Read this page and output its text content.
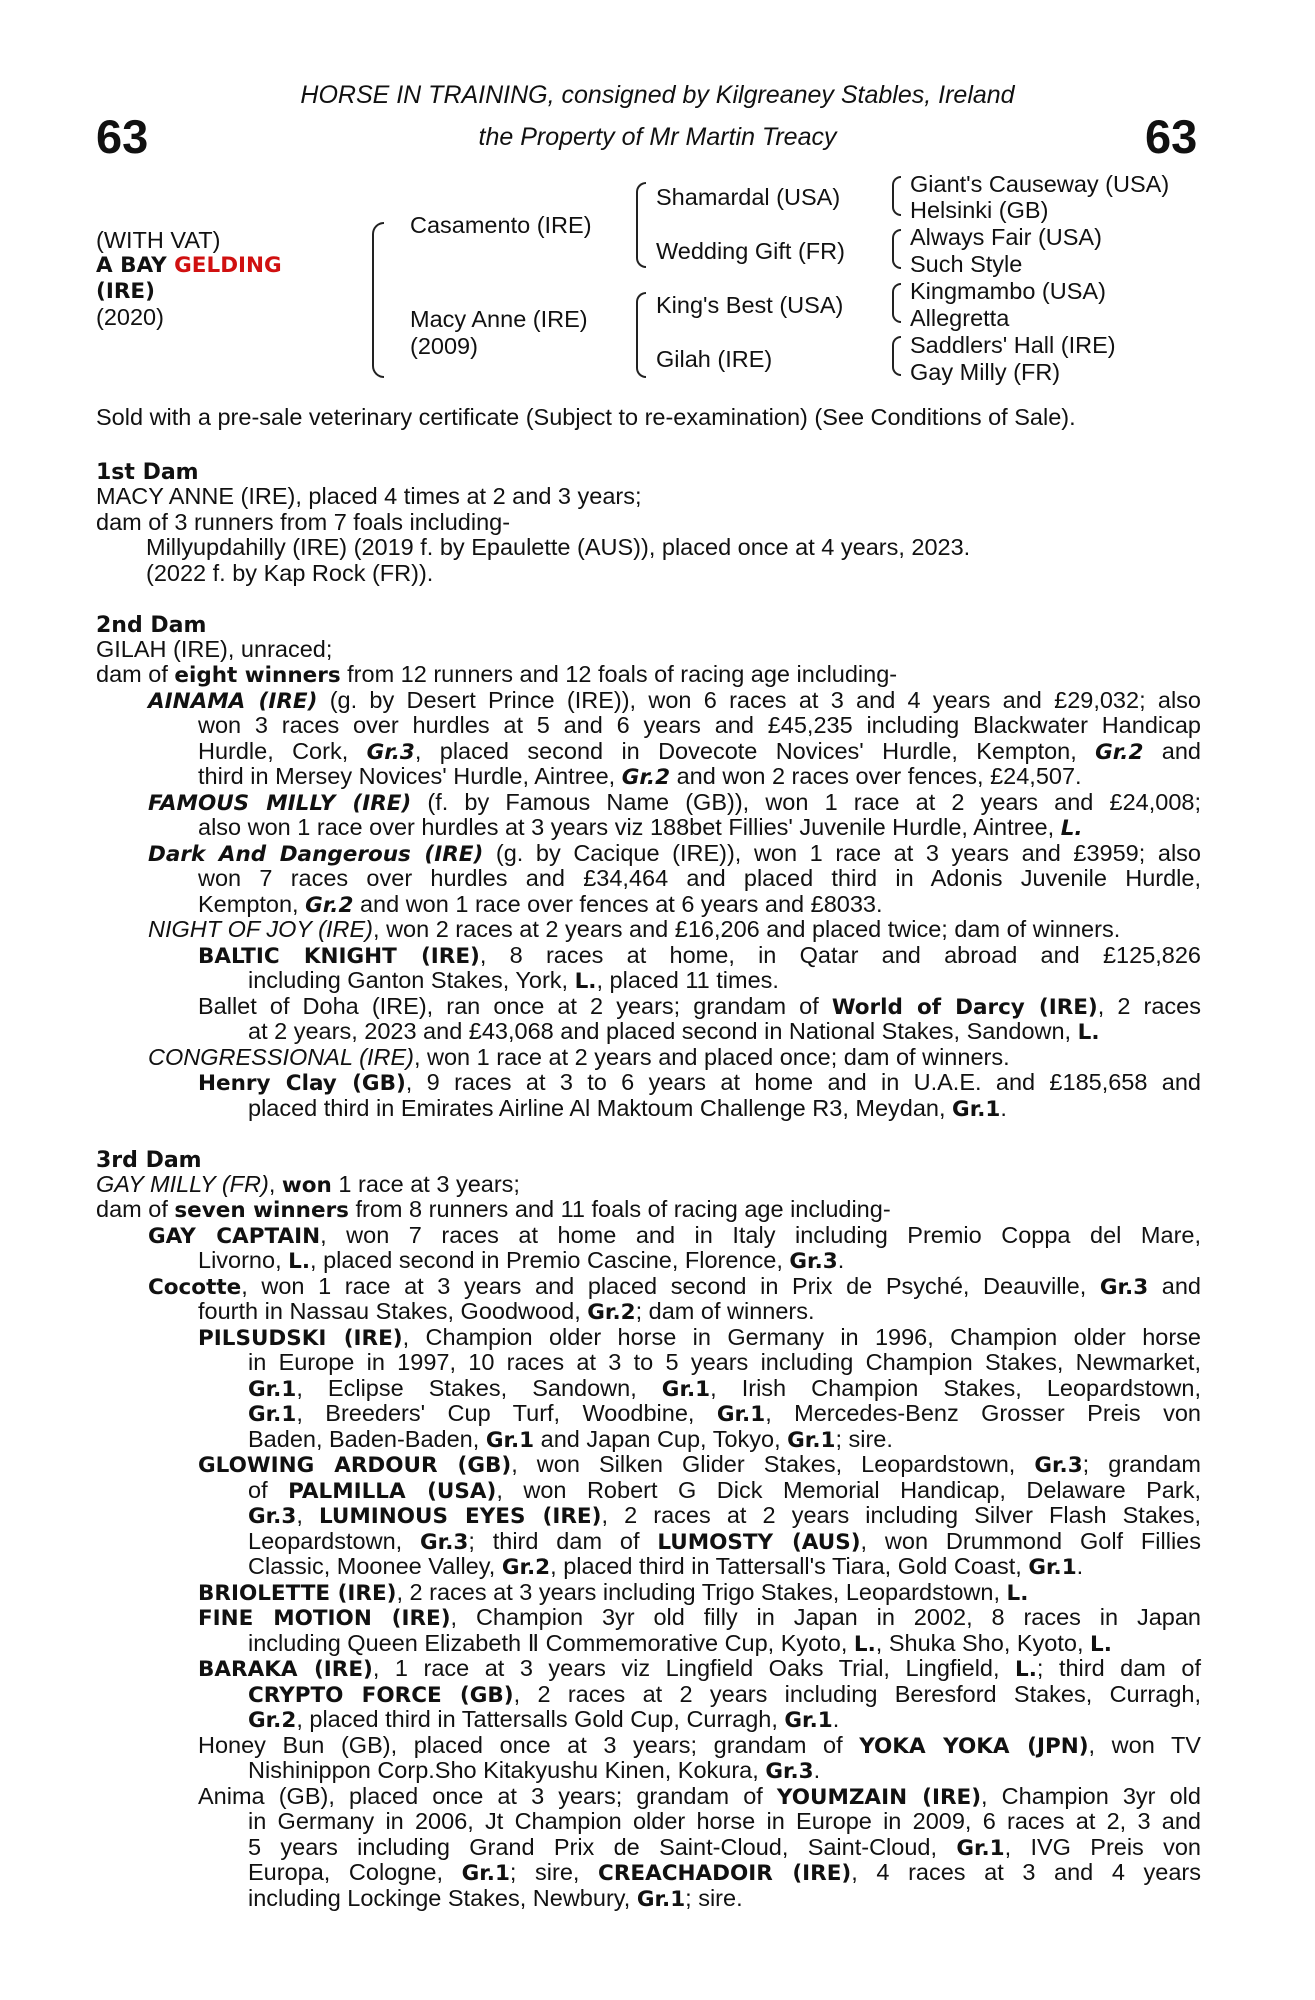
63	63
HORSE IN TRAINING, consigned by Kilgreaney Stables, Ireland
the Property of Mr Martin Treacy
(WITH VAT)
A BAY GELDING
(IRE)
(2020)
Casamento (IRE)
Macy Anne (IRE)
(2009)
Shamardal (USA)
Wedding Gift (FR)
King's Best (USA)
Gilah (IRE)
Giant's Causeway (USA)
Helsinki (GB)
Always Fair (USA)
Such Style
Kingmambo (USA)
Allegretta
Saddlers' Hall (IRE)
Gay Milly (FR)
Sold with a pre-sale veterinary certificate (Subject to re-examination) (See Conditions of Sale).
1st Dam
MACY ANNE (IRE), placed 4 times at 2 and 3 years;
dam of 3 runners from 7 foals including-
Millyupdahilly (IRE) (2019 f. by Epaulette (AUS)), placed once at 4 years, 2023.
(2022 f. by Kap Rock (FR)).
2nd Dam
GILAH (IRE), unraced;
dam of eight winners from 12 runners and 12 foals of racing age including-
AINAMA (IRE) (g. by Desert Prince (IRE)), won 6 races at 3 and 4 years and £29,032; also
won 3 races over hurdles at 5 and 6 years and £45,235 including Blackwater Handicap
Hurdle, Cork, Gr.3, placed second in Dovecote Novices' Hurdle, Kempton, Gr.2 and
third in Mersey Novices' Hurdle, Aintree, Gr.2 and won 2 races over fences, £24,507.
FAMOUS MILLY (IRE) (f. by Famous Name (GB)), won 1 race at 2 years and £24,008;
also won 1 race over hurdles at 3 years viz 188bet Fillies' Juvenile Hurdle, Aintree, L.
Dark And Dangerous (IRE) (g. by Cacique (IRE)), won 1 race at 3 years and £3959; also
won 7 races over hurdles and £34,464 and placed third in Adonis Juvenile Hurdle,
Kempton, Gr.2 and won 1 race over fences at 6 years and £8033.
NIGHT OF JOY (IRE), won 2 races at 2 years and £16,206 and placed twice; dam of winners.
BALTIC KNIGHT (IRE), 8 races at home, in Qatar and abroad and £125,826
including Ganton Stakes, York, L., placed 11 times.
Ballet of Doha (IRE), ran once at 2 years; grandam of World of Darcy (IRE), 2 races
at 2 years, 2023 and £43,068 and placed second in National Stakes, Sandown, L.
CONGRESSIONAL (IRE), won 1 race at 2 years and placed once; dam of winners.
Henry Clay (GB), 9 races at 3 to 6 years at home and in U.A.E. and £185,658 and
placed third in Emirates Airline Al Maktoum Challenge R3, Meydan, Gr.1.
3rd Dam
GAY MILLY (FR), won 1 race at 3 years;
dam of seven winners from 8 runners and 11 foals of racing age including-
GAY CAPTAIN, won 7 races at home and in Italy including Premio Coppa del Mare,
Livorno, L., placed second in Premio Cascine, Florence, Gr.3.
Cocotte, won 1 race at 3 years and placed second in Prix de Psyché, Deauville, Gr.3 and
fourth in Nassau Stakes, Goodwood, Gr.2; dam of winners.
PILSUDSKI (IRE), Champion older horse in Germany in 1996, Champion older horse
in Europe in 1997, 10 races at 3 to 5 years including Champion Stakes, Newmarket,
Gr.1, Eclipse Stakes, Sandown, Gr.1, Irish Champion Stakes, Leopardstown,
Gr.1, Breeders' Cup Turf, Woodbine, Gr.1, Mercedes-Benz Grosser Preis von
Baden, Baden-Baden, Gr.1 and Japan Cup, Tokyo, Gr.1; sire.
GLOWING ARDOUR (GB), won Silken Glider Stakes, Leopardstown, Gr.3; grandam
of PALMILLA (USA), won Robert G Dick Memorial Handicap, Delaware Park,
Gr.3, LUMINOUS EYES (IRE), 2 races at 2 years including Silver Flash Stakes,
Leopardstown, Gr.3; third dam of LUMOSTY (AUS), won Drummond Golf Fillies
Classic, Moonee Valley, Gr.2, placed third in Tattersall's Tiara, Gold Coast, Gr.1.
BRIOLETTE (IRE), 2 races at 3 years including Trigo Stakes, Leopardstown, L.
FINE MOTION (IRE), Champion 3yr old filly in Japan in 2002, 8 races in Japan
including Queen Elizabeth Ⅱ Commemorative Cup, Kyoto, L., Shuka Sho, Kyoto, L.
BARAKA (IRE), 1 race at 3 years viz Lingfield Oaks Trial, Lingfield, L.; third dam of
CRYPTO FORCE (GB), 2 races at 2 years including Beresford Stakes, Curragh,
Gr.2, placed third in Tattersalls Gold Cup, Curragh, Gr.1.
Honey Bun (GB), placed once at 3 years; grandam of YOKA YOKA (JPN), won TV
Nishinippon Corp.Sho Kitakyushu Kinen, Kokura, Gr.3.
Anima (GB), placed once at 3 years; grandam of YOUMZAIN (IRE), Champion 3yr old
in Germany in 2006, Jt Champion older horse in Europe in 2009, 6 races at 2, 3 and
5 years including Grand Prix de Saint-Cloud, Saint-Cloud, Gr.1, IVG Preis von
Europa, Cologne, Gr.1; sire, CREACHADOIR (IRE), 4 races at 3 and 4 years
including Lockinge Stakes, Newbury, Gr.1; sire.
